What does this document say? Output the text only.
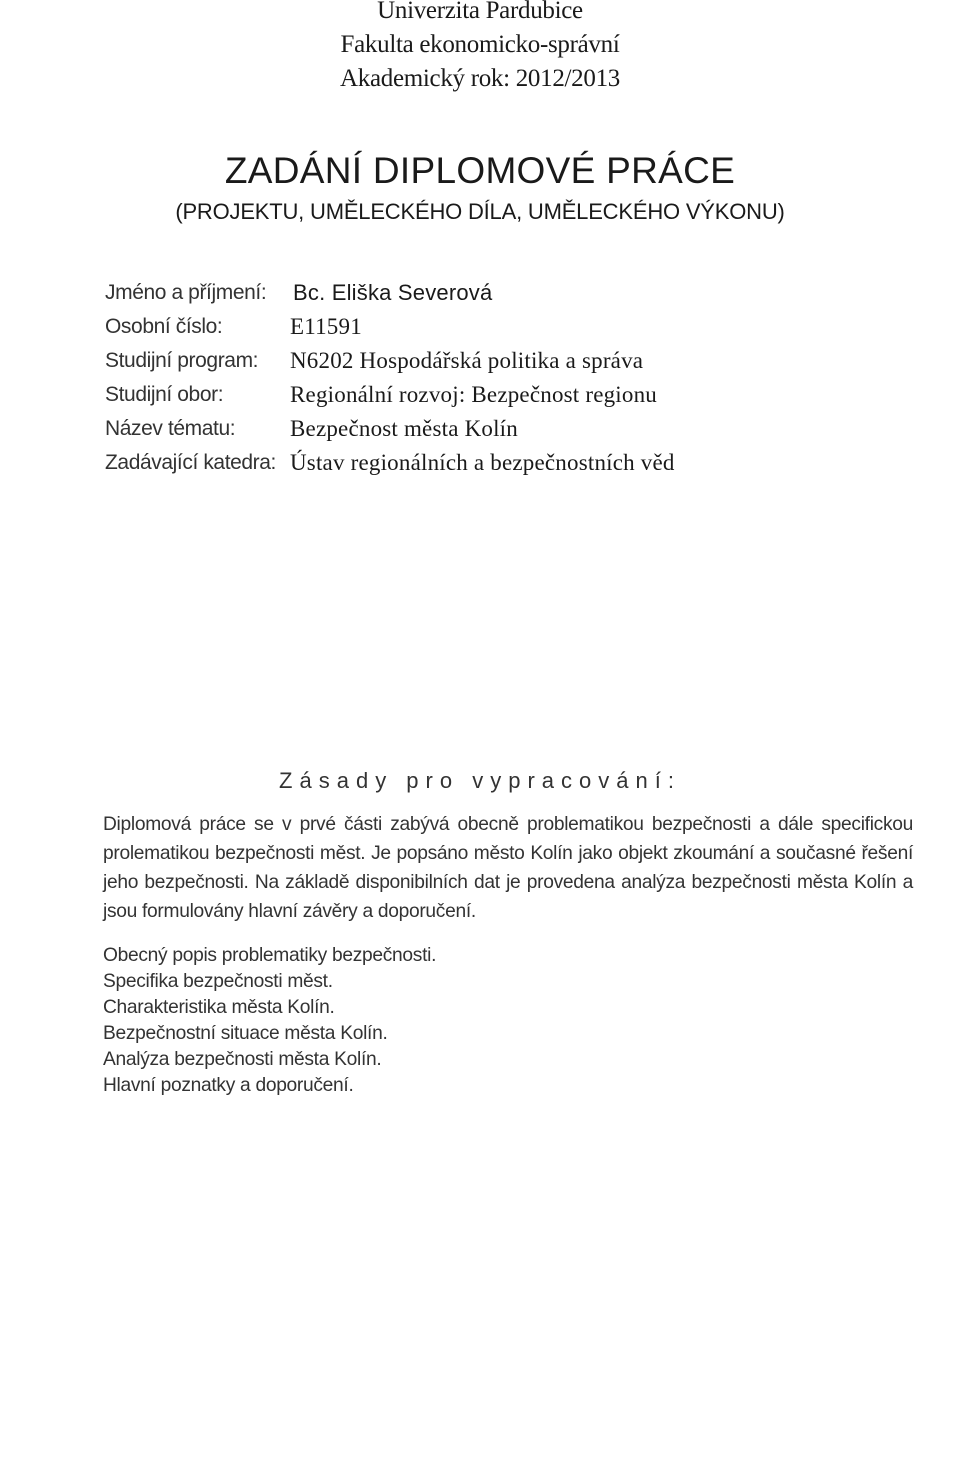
Univerzita Pardubice
Fakulta ekonomicko-správní
Akademický rok: 2012/2013
ZADÁNÍ DIPLOMOVÉ PRÁCE
(PROJEKTU, UMĚLECKÉHO DÍLA, UMĚLECKÉHO VÝKONU)
Jméno a příjmení: Bc. Eliška Severová
Osobní číslo:	E11591
Studijní program: N6202 Hospodářská politika a správa
Studijní obor:	Regionální rozvoj: Bezpečnost regionu
Název tématu: Bezpečnost města Kolín
Zadávající katedra: Ústav regionálních a bezpečnostních věd
Zásady pro vypracování:
Diplomová práce se v prvé části zabývá obecně problematikou bezpečnosti a dále specifickou prolematikou bezpečnosti měst. Je popsáno město Kolín jako objekt zkoumání a současné řešení jeho bezpečnosti. Na základě disponibilních dat je provedena analýza bezpečnosti města Kolín a jsou formulovány hlavní závěry a doporučení.
Obecný popis problematiky bezpečnosti.
Specifika bezpečnosti měst.
Charakteristika města Kolín.
Bezpečnostní situace města Kolín.
Analýza bezpečnosti města Kolín.
Hlavní poznatky a doporučení.
